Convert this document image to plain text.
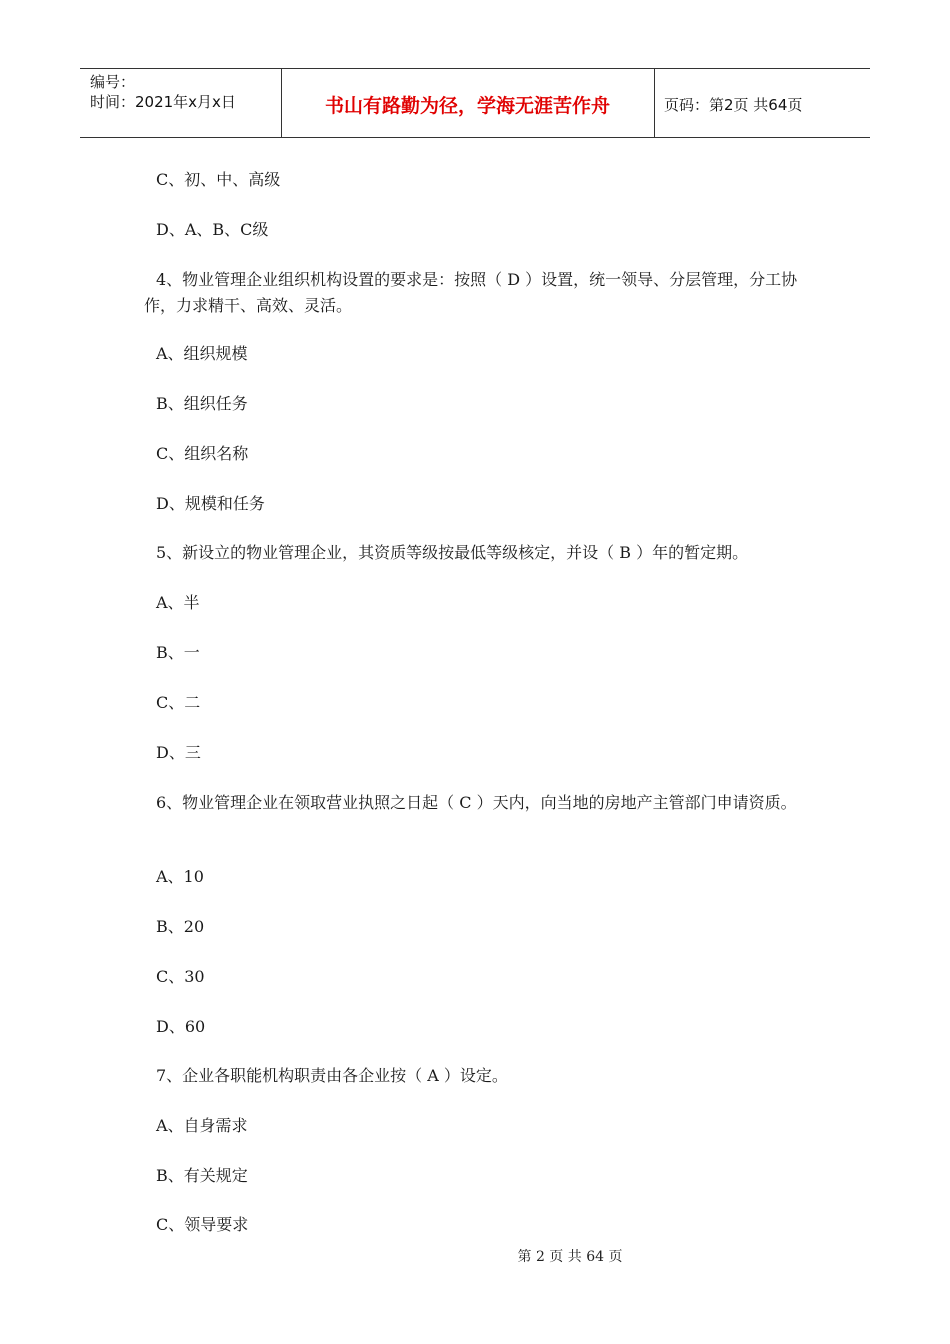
编号：
时间：2021年x月x日	书山有路勤为径，学海无涯苦作舟	页码：第2页 共64页
C、初、中、高级
D、A、B、C级
4、物业管理企业组织机构设置的要求是：按照（ D ）设置，统一领导、分层管理，分工协作，力求精干、高效、灵活。
A、组织规模
B、组织任务
C、组织名称
D、规模和任务
5、新设立的物业管理企业，其资质等级按最低等级核定，并设（ B ）年的暂定期。
A、半
B、一
C、二
D、三
6、物业管理企业在领取营业执照之日起（ C ）天内，向当地的房地产主管部门申请资质。
A、10
B、20
C、30
D、60
7、企业各职能机构职责由各企业按（ A ）设定。
A、自身需求
B、有关规定
C、领导要求
第 2 页 共 64 页
